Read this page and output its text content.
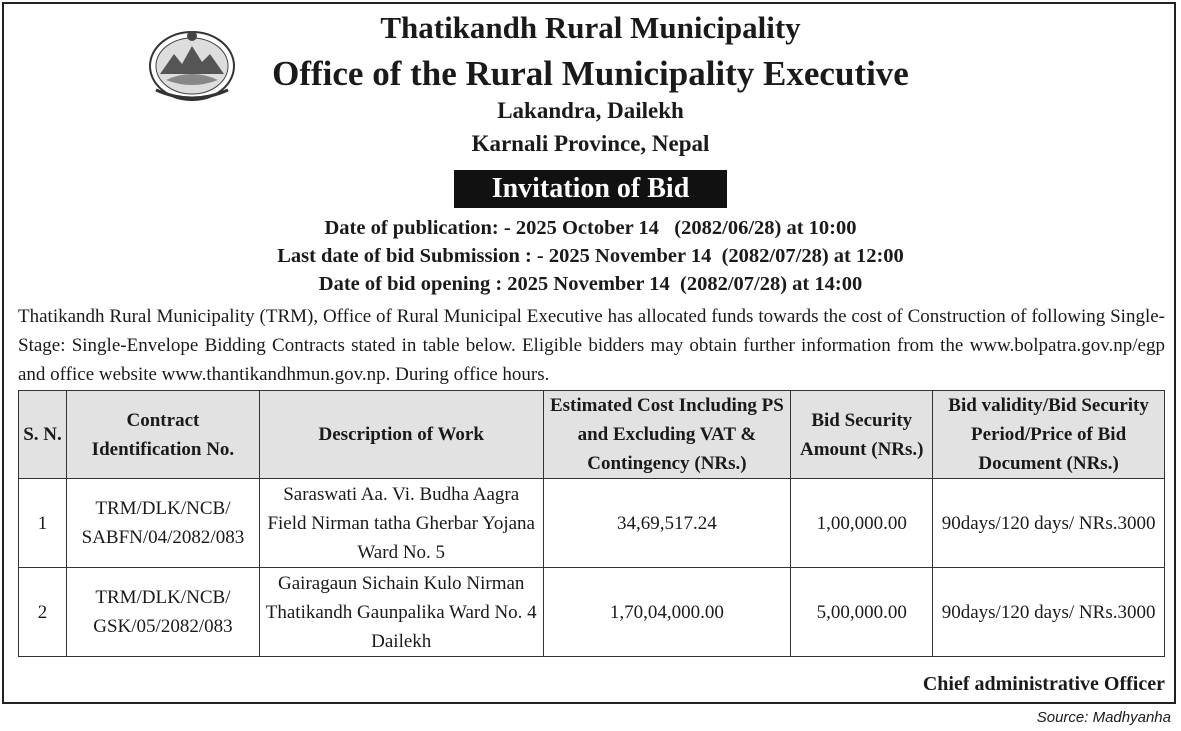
Thatikandh Rural Municipality
Office of the Rural Municipality Executive
Lakandra, Dailekh
Karnali Province, Nepal
Invitation of Bid
Date of publication: - 2025 October 14   (2082/06/28) at 10:00
Last date of bid Submission : - 2025 November 14  (2082/07/28) at 12:00
Date of bid opening : 2025 November 14  (2082/07/28) at 14:00
Thatikandh Rural Municipality (TRM), Office of Rural Municipal Executive has allocated funds towards the cost of Construction of following Single-Stage: Single-Envelope Bidding Contracts stated in table below. Eligible bidders may obtain further information from the www.bolpatra.gov.np/egp and office website www.thantikandhmun.gov.np. During office hours.
S. N.	Contract Identification No.	Description of Work	Estimated Cost Including PS and Excluding VAT & Contingency (NRs.)	Bid Security Amount (NRs.)	Bid validity/Bid Security Period/Price of Bid Document (NRs.)
1	TRM/DLK/NCB/ SABFN/04/2082/083	Saraswati Aa. Vi. Budha Aagra Field Nirman tatha Gherbar Yojana Ward No. 5	34,69,517.24	1,00,000.00	90days/120 days/ NRs.3000
2	TRM/DLK/NCB/ GSK/05/2082/083	Gairagaun Sichain Kulo Nirman Thatikandh Gaunpalika Ward No. 4 Dailekh	1,70,04,000.00	5,00,000.00	90days/120 days/ NRs.3000
Chief administrative Officer
Source: Madhyanha
